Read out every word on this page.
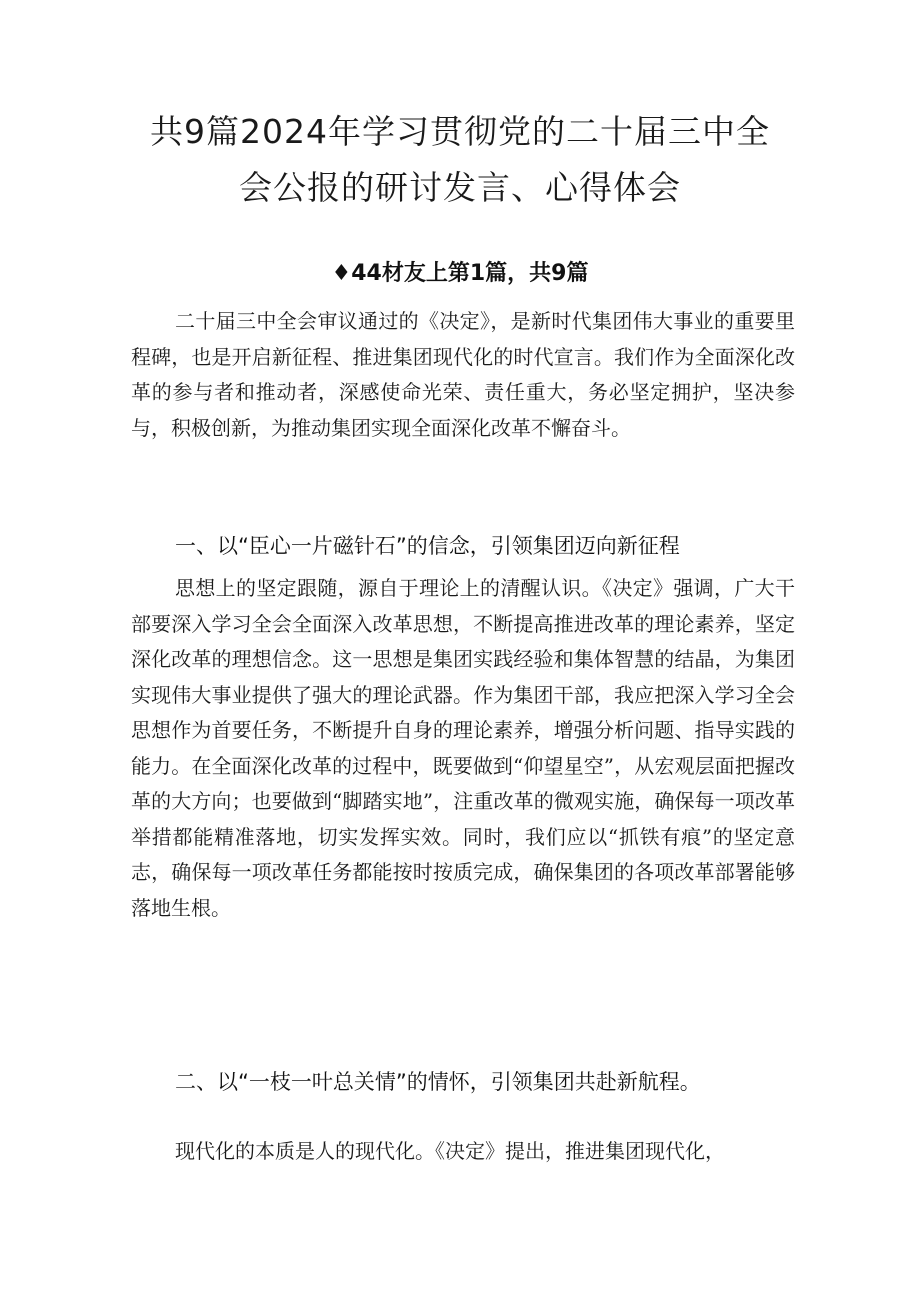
共9篇2024年学习贯彻党的二十届三中全
会公报的研讨发言、心得体会

♦44材友上第1篇，共9篇

二十届三中全会审议通过的《决定》，是新时代集团伟大事业的重要里程碑，也是开启新征程、推进集团现代化的时代宣言。我们作为全面深化改革的参与者和推动者，深感使命光荣、责任重大，务必坚定拥护，坚决参与，积极创新，为推动集团实现全面深化改革不懈奋斗。

一、以“臣心一片磁针石”的信念，引领集团迈向新征程

思想上的坚定跟随，源自于理论上的清醒认识。《决定》强调，广大干部要深入学习全会全面深入改革思想，不断提高推进改革的理论素养，坚定深化改革的理想信念。这一思想是集团实践经验和集体智慧的结晶，为集团实现伟大事业提供了强大的理论武器。作为集团干部，我应把深入学习全会思想作为首要任务，不断提升自身的理论素养，增强分析问题、指导实践的能力。在全面深化改革的过程中，既要做到“仰望星空”，从宏观层面把握改革的大方向；也要做到“脚踏实地”，注重改革的微观实施，确保每一项改革举措都能精准落地，切实发挥实效。同时，我们应以“抓铁有痕”的坚定意志，确保每一项改革任务都能按时按质完成，确保集团的各项改革部署能够落地生根。

二、以“一枝一叶总关情”的情怀，引领集团共赴新航程。

现代化的本质是人的现代化。《决定》提出，推进集团现代化，
